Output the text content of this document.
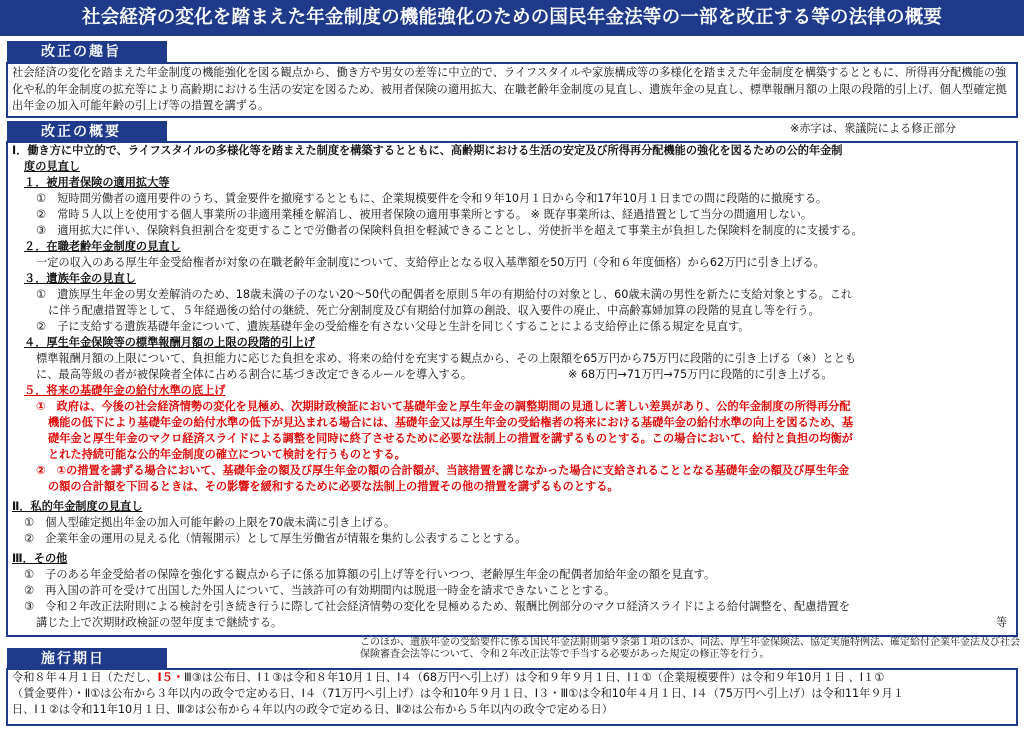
社会経済の変化を踏まえた年金制度の機能強化のための国民年金法等の一部を改正する等の法律の概要
改正の趣旨
社会経済の変化を踏まえた年金制度の機能強化を図る観点から、働き方や男女の差等に中立的で、ライフスタイルや家族構成等の多様化を踏まえた年金制度を構築するとともに、所得再分配機能の強化や私的年金制度の拡充等により高齢期における生活の安定を図るため、被用者保険の適用拡大、在職老齢年金制度の見直し、遺族年金の見直し、標準報酬月額の上限の段階的引上げ、個人型確定拠出年金の加入可能年齢の引上げ等の措置を講ずる。
改正の概要	※赤字は、衆議院による修正部分
Ⅰ．働き方に中立的で、ライフスタイルの多様化等を踏まえた制度を構築するとともに、高齢期における生活の安定及び所得再分配機能の強化を図るための公的年金制
度の見直し
１．被用者保険の適用拡大等
①　短時間労働者の適用要件のうち、賃金要件を撤廃するとともに、企業規模要件を令和９年10月１日から令和17年10月１日までの間に段階的に撤廃する。
②　常時５人以上を使用する個人事業所の非適用業種を解消し、被用者保険の適用事業所とする。 ※ 既存事業所は、経過措置として当分の間適用しない。
③　適用拡大に伴い、保険料負担割合を変更することで労働者の保険料負担を軽減できることとし、労使折半を超えて事業主が負担した保険料を制度的に支援する。
２．在職老齢年金制度の見直し
一定の収入のある厚生年金受給権者が対象の在職老齢年金制度について、支給停止となる収入基準額を50万円（令和６年度価格）から62万円に引き上げる。
３．遺族年金の見直し
①　遺族厚生年金の男女差解消のため、18歳未満の子のない20～50代の配偶者を原則５年の有期給付の対象とし、60歳未満の男性を新たに支給対象とする。これ
に伴う配慮措置等として、５年経過後の給付の継続、死亡分割制度及び有期給付加算の創設、収入要件の廃止、中高齢寡婦加算の段階的見直し等を行う。
②　子に支給する遺族基礎年金について、遺族基礎年金の受給権を有さない父母と生計を同じくすることによる支給停止に係る規定を見直す。
４．厚生年金保険等の標準報酬月額の上限の段階的引上げ
標準報酬月額の上限について、負担能力に応じた負担を求め、将来の給付を充実する観点から、その上限額を65万円から75万円に段階的に引き上げる（※）ととも
に、最高等級の者が被保険者全体に占める割合に基づき改定できるルールを導入する。	※ 68万円→71万円→75万円に段階的に引き上げる。
５．将来の基礎年金の給付水準の底上げ
①　政府は、今後の社会経済情勢の変化を見極め、次期財政検証において基礎年金と厚生年金の調整期間の見通しに著しい差異があり、公的年金制度の所得再分配
機能の低下により基礎年金の給付水準の低下が見込まれる場合には、基礎年金又は厚生年金の受給権者の将来における基礎年金の給付水準の向上を図るため、基
礎年金と厚生年金のマクロ経済スライドによる調整を同時に終了させるために必要な法制上の措置を講ずるものとする。この場合において、給付と負担の均衡が
とれた持続可能な公的年金制度の確立について検討を行うものとする。
②　①の措置を講ずる場合において、基礎年金の額及び厚生年金の額の合計額が、当該措置を講じなかった場合に支給されることとなる基礎年金の額及び厚生年金
の額の合計額を下回るときは、その影響を緩和するために必要な法制上の措置その他の措置を講ずるものとする。
Ⅱ．私的年金制度の見直し
①　個人型確定拠出年金の加入可能年齢の上限を70歳未満に引き上げる。
②　企業年金の運用の見える化（情報開示）として厚生労働省が情報を集約し公表することとする。
Ⅲ．その他
①　子のある年金受給者の保障を強化する観点から子に係る加算額の引上げ等を行いつつ、老齢厚生年金の配偶者加給年金の額を見直す。
②　再入国の許可を受けて出国した外国人について、当該許可の有効期間内は脱退一時金を請求できないこととする。
③　令和２年改正法附則による検討を引き続き行うに際して社会経済情勢の変化を見極めるため、報酬比例部分のマクロ経済スライドによる給付調整を、配慮措置を
講じた上で次期財政検証の翌年度まで継続する。	等
このほか、遺族年金の受給要件に係る国民年金法附則第９条第１項のほか、同法、厚生年金保険法、協定実施特例法、確定給付企業年金法及び社会保険審査会法等について、令和２年改正法等で手当する必要があった規定の修正等を行う。
施行期日
令和８年４月１日（ただし、Ⅰ５・Ⅲ③は公布日、Ⅰ１③は令和８年10月１日、Ⅰ４（68万円へ引上げ）は令和９年９月１日、Ⅰ１①（企業規模要件）は令和９年10月１日 、Ⅰ１①
（賃金要件）・Ⅱ①は公布から３年以内の政令で定める日、Ⅰ４（71万円へ引上げ）は令和10年９月１日、Ⅰ３・Ⅲ①は令和10年４月１日、Ⅰ４（75万円へ引上げ）は令和11年９月１
日、Ⅰ１②は令和11年10月１日、Ⅲ②は公布から４年以内の政令で定める日、Ⅱ②は公布から５年以内の政令で定める日）
